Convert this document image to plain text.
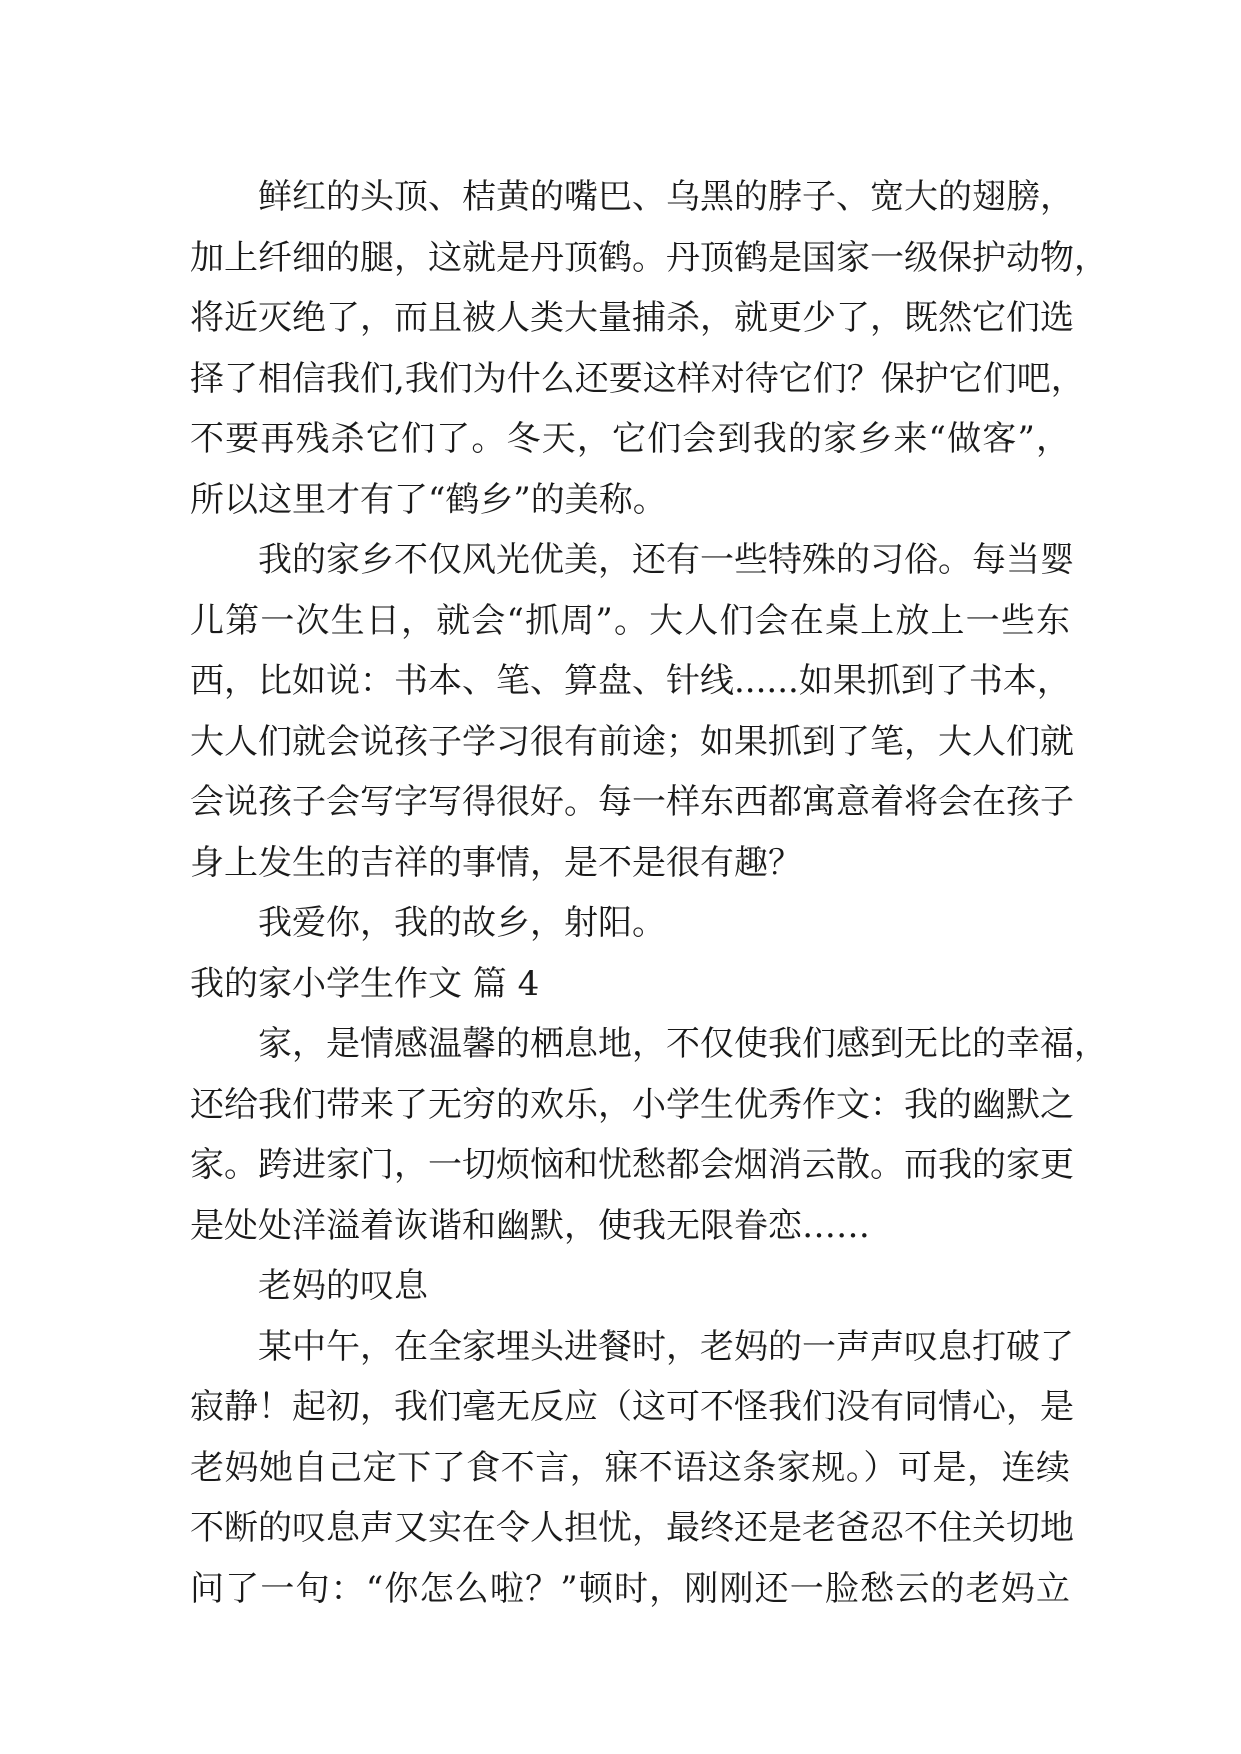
鲜红的头顶、桔黄的嘴巴、乌黑的脖子、宽大的翅膀，
加上纤细的腿，这就是丹顶鹤。丹顶鹤是国家一级保护动物，
将近灭绝了，而且被人类大量捕杀，就更少了，既然它们选
择了相信我们,我们为什么还要这样对待它们？保护它们吧，
不要再残杀它们了。冬天，它们会到我的家乡来“做客”，
所以这里才有了“鹤乡”的美称。
我的家乡不仅风光优美，还有一些特殊的习俗。每当婴
儿第一次生日，就会“抓周”。大人们会在桌上放上一些东
西，比如说：书本、笔、算盘、针线......如果抓到了书本，
大人们就会说孩子学习很有前途；如果抓到了笔，大人们就
会说孩子会写字写得很好。每一样东西都寓意着将会在孩子
身上发生的吉祥的事情，是不是很有趣？
我爱你，我的故乡，射阳。
我的家小学生作文 篇 4
家，是情感温馨的栖息地，不仅使我们感到无比的幸福，
还给我们带来了无穷的欢乐，小学生优秀作文：我的幽默之
家。跨进家门，一切烦恼和忧愁都会烟消云散。而我的家更
是处处洋溢着诙谐和幽默，使我无限眷恋……
老妈的叹息
某中午，在全家埋头进餐时，老妈的一声声叹息打破了
寂静！起初，我们毫无反应（这可不怪我们没有同情心，是
老妈她自己定下了食不言，寐不语这条家规。）可是，连续
不断的叹息声又实在令人担忧，最终还是老爸忍不住关切地
问了一句：“你怎么啦？”顿时，刚刚还一脸愁云的老妈立
